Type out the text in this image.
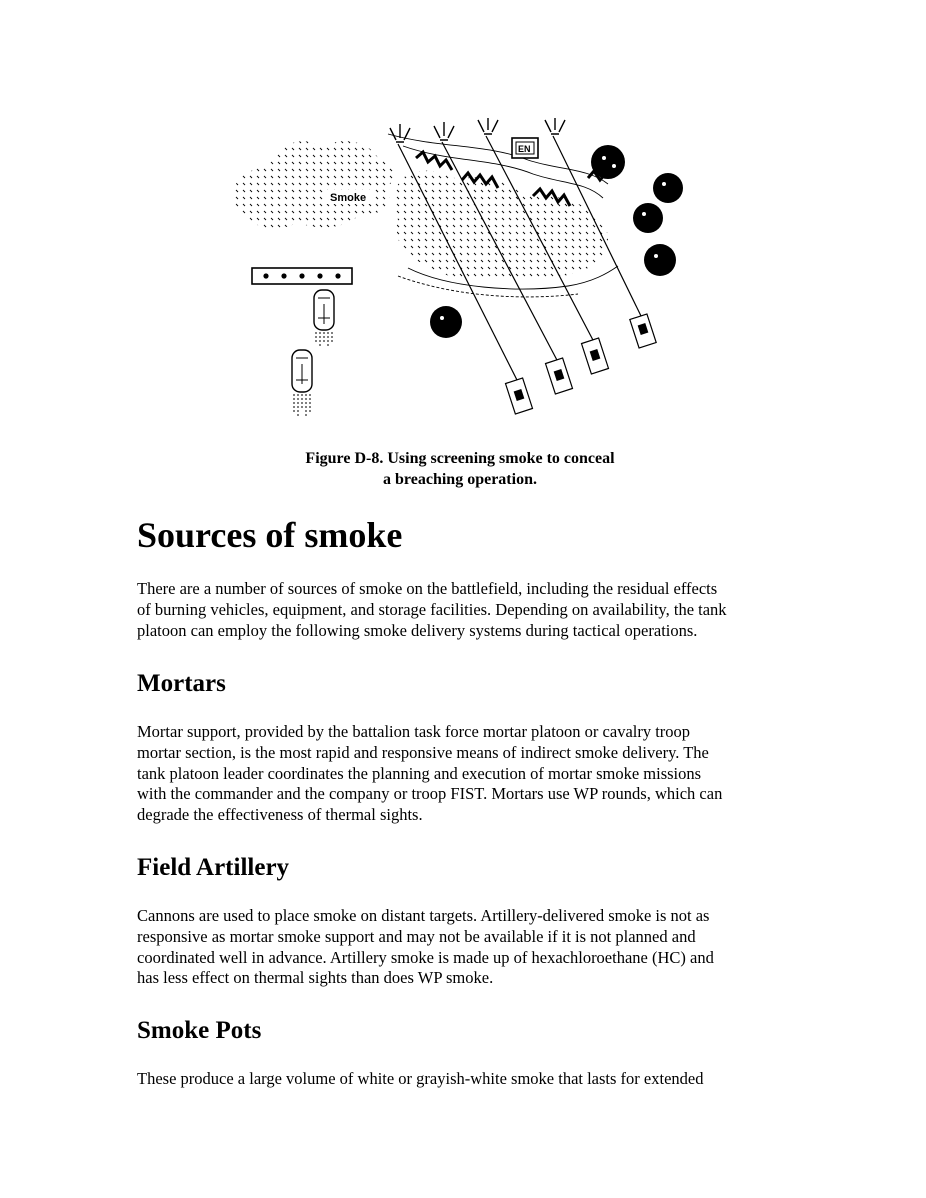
Smoke
EN
Figure D-8. Using screening smoke to conceal
a breaching operation.
Sources of smoke

There are a number of sources of smoke on the battlefield, including the residual effects
of burning vehicles, equipment, and storage facilities. Depending on availability, the tank
platoon can employ the following smoke delivery systems during tactical operations.

Mortars

Mortar support, provided by the battalion task force mortar platoon or cavalry troop
mortar section, is the most rapid and responsive means of indirect smoke delivery. The
tank platoon leader coordinates the planning and execution of mortar smoke missions
with the commander and the company or troop FIST. Mortars use WP rounds, which can
degrade the effectiveness of thermal sights.

Field Artillery

Cannons are used to place smoke on distant targets. Artillery-delivered smoke is not as
responsive as mortar smoke support and may not be available if it is not planned and
coordinated well in advance. Artillery smoke is made up of hexachloroethane (HC) and
has less effect on thermal sights than does WP smoke.

Smoke Pots

These produce a large volume of white or grayish-white smoke that lasts for extended
